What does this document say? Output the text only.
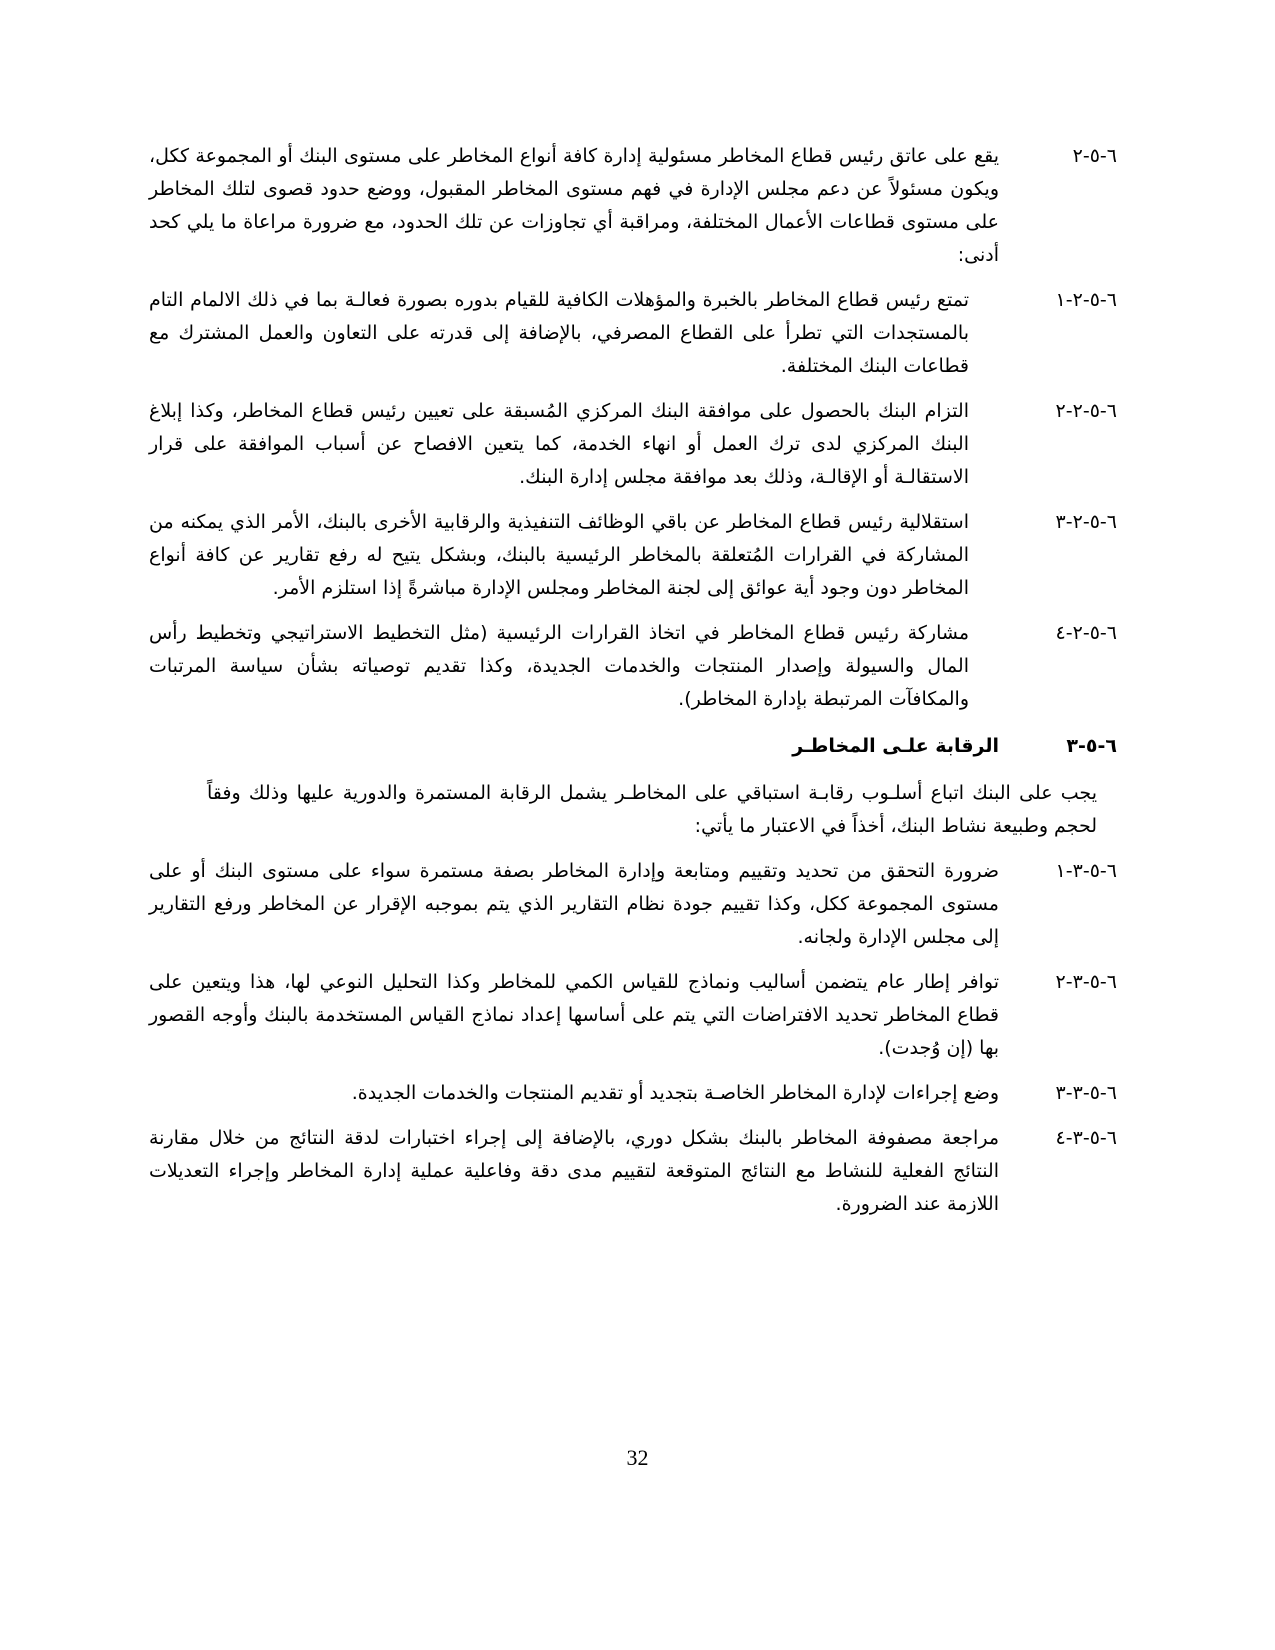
٦-٥-٢
يقع على عاتق رئيس قطاع المخاطر مسئولية إدارة كافة أنواع المخاطر على مستوى البنك أو المجموعة ككل، ويكون مسئولاً عن دعم مجلس الإدارة في فهم مستوى المخاطر المقبول، ووضع حدود قصوى لتلك المخاطر على مستوى قطاعات الأعمال المختلفة، ومراقبة أي تجاوزات عن تلك الحدود، مع ضرورة مراعاة ما يلي كحد أدنى:
٦-٥-٢-١
تمتع رئيس قطاع المخاطر بالخبرة والمؤهلات الكافية للقيام بدوره بصورة فعالـة بما في ذلك الالمام التام بالمستجدات التي تطرأ على القطاع المصرفي، بالإضافة إلى قدرته على التعاون والعمل المشترك مع قطاعات البنك المختلفة.
٦-٥-٢-٢
التزام البنك بالحصول على موافقة البنك المركزي المُسبقة على تعيين رئيس قطاع المخاطر، وكذا إبلاغ البنك المركزي لدى ترك العمل أو انهاء الخدمة، كما يتعين الافصاح عن أسباب الموافقة على قرار الاستقالـة أو الإقالـة، وذلك بعد موافقة مجلس إدارة البنك.
٦-٥-٢-٣
استقلالية رئيس قطاع المخاطر عن باقي الوظائف التنفيذية والرقابية الأخرى بالبنك، الأمر الذي يمكنه من المشاركة في القرارات المُتعلقة بالمخاطر الرئيسية بالبنك، وبشكل يتيح له رفع تقارير عن كافة أنواع المخاطر دون وجود أية عوائق إلى لجنة المخاطر ومجلس الإدارة مباشرةً إذا استلزم الأمر.
٦-٥-٢-٤
مشاركة رئيس قطاع المخاطر في اتخاذ القرارات الرئيسية (مثل التخطيط الاستراتيجي وتخطيط رأس المال والسيولة وإصدار المنتجات والخدمات الجديدة، وكذا تقديم توصياته بشأن سياسة المرتبات والمكافآت المرتبطة بإدارة المخاطر).
٦-٥-٣
الرقابة علـى المخاطـر
يجب على البنك اتباع أسلـوب رقابـة استباقي على المخاطـر يشمل الرقابة المستمرة والدورية عليها وذلك وفقاً لحجم وطبيعة نشاط البنك، أخذاً في الاعتبار ما يأتي:
٦-٥-٣-١
ضرورة التحقق من تحديد وتقييم ومتابعة وإدارة المخاطر بصفة مستمرة سواء على مستوى البنك أو على مستوى المجموعة ككل، وكذا تقييم جودة نظام التقارير الذي يتم بموجبه الإقرار عن المخاطر ورفع التقارير إلى مجلس الإدارة ولجانه.
٦-٥-٣-٢
توافر إطار عام يتضمن أساليب ونماذج للقياس الكمي للمخاطر وكذا التحليل النوعي لها، هذا ويتعين على قطاع المخاطر تحديد الافتراضات التي يتم على أساسها إعداد نماذج القياس المستخدمة بالبنك وأوجه القصور بها (إن وُجدت).
٦-٥-٣-٣
وضع إجراءات لإدارة المخاطر الخاصـة بتجديد أو تقديم المنتجات والخدمات الجديدة.
٦-٥-٣-٤
مراجعة مصفوفة المخاطر بالبنك بشكل دوري، بالإضافة إلى إجراء اختبارات لدقة النتائج من خلال مقارنة النتائج الفعلية للنشاط مع النتائج المتوقعة لتقييم مدى دقة وفاعلية عملية إدارة المخاطر وإجراء التعديلات اللازمة عند الضرورة.
32
